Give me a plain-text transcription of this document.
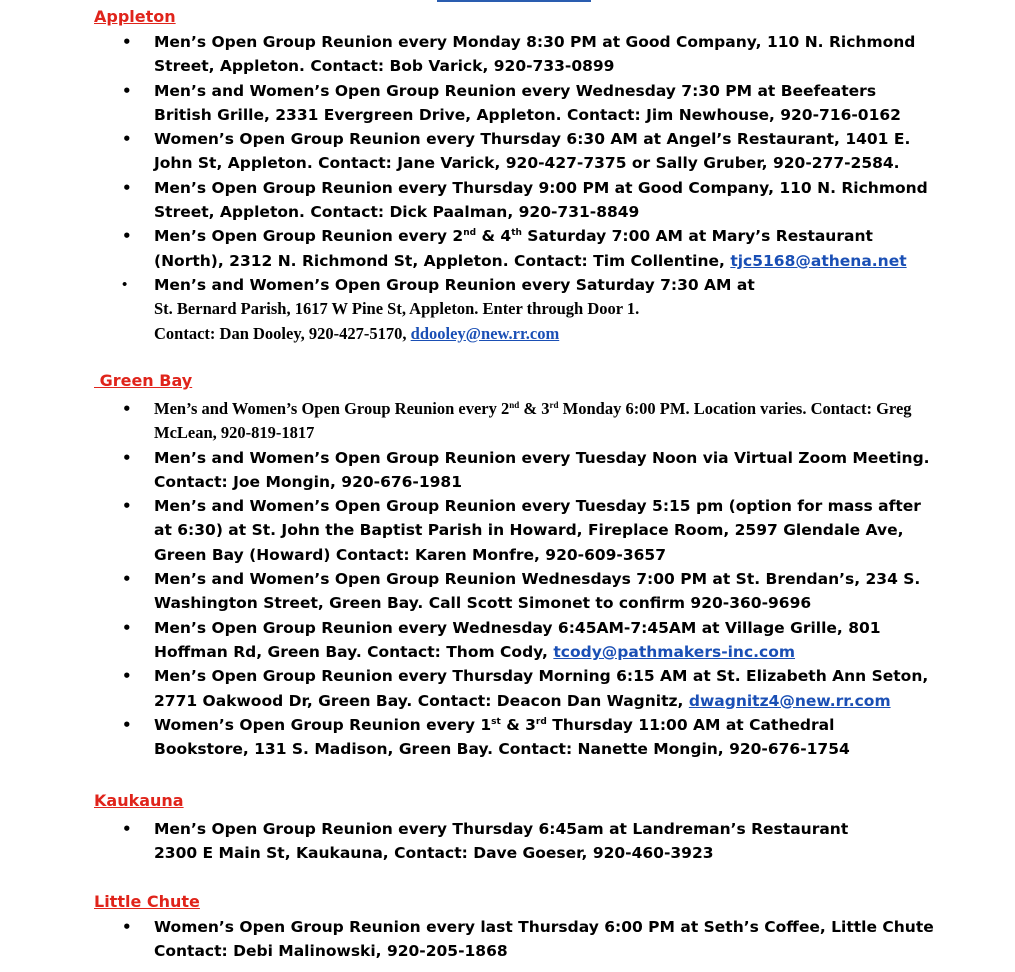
Appleton
• Men’s Open Group Reunion every Monday 8:30 PM at Good Company, 110 N. Richmond Street, Appleton. Contact: Bob Varick, 920-733-0899
• Men’s and Women’s Open Group Reunion every Wednesday 7:30 PM at Beefeaters British Grille, 2331 Evergreen Drive, Appleton. Contact: Jim Newhouse, 920-716-0162
• Women’s Open Group Reunion every Thursday 6:30 AM at Angel’s Restaurant, 1401 E. John St, Appleton. Contact: Jane Varick, 920-427-7375 or Sally Gruber, 920-277-2584.
• Men’s Open Group Reunion every Thursday 9:00 PM at Good Company, 110 N. Richmond Street, Appleton. Contact: Dick Paalman, 920-731-8849
• Men’s Open Group Reunion every 2nd & 4th Saturday 7:00 AM at Mary’s Restaurant (North), 2312 N. Richmond St, Appleton. Contact: Tim Collentine, tjc5168@athena.net
• Men’s and Women’s Open Group Reunion every Saturday 7:30 AM at
St. Bernard Parish, 1617 W Pine St, Appleton. Enter through Door 1.
Contact: Dan Dooley, 920-427-5170, ddooley@new.rr.com
Green Bay
• Men’s and Women’s Open Group Reunion every 2nd & 3rd Monday 6:00 PM. Location varies. Contact: Greg McLean, 920-819-1817
• Men’s and Women’s Open Group Reunion every Tuesday Noon via Virtual Zoom Meeting. Contact: Joe Mongin, 920-676-1981
• Men’s and Women’s Open Group Reunion every Tuesday 5:15 pm (option for mass after at 6:30) at St. John the Baptist Parish in Howard, Fireplace Room, 2597 Glendale Ave, Green Bay (Howard) Contact: Karen Monfre, 920-609-3657
• Men’s and Women’s Open Group Reunion Wednesdays 7:00 PM at St. Brendan’s, 234 S. Washington Street, Green Bay. Call Scott Simonet to confirm 920-360-9696
• Men’s Open Group Reunion every Wednesday 6:45AM-7:45AM at Village Grille, 801 Hoffman Rd, Green Bay. Contact: Thom Cody, tcody@pathmakers-inc.com
• Men’s Open Group Reunion every Thursday Morning 6:15 AM at St. Elizabeth Ann Seton, 2771 Oakwood Dr, Green Bay. Contact: Deacon Dan Wagnitz, dwagnitz4@new.rr.com
• Women’s Open Group Reunion every 1st & 3rd Thursday 11:00 AM at Cathedral Bookstore, 131 S. Madison, Green Bay. Contact: Nanette Mongin, 920-676-1754
Kaukauna
• Men’s Open Group Reunion every Thursday 6:45am at Landreman’s Restaurant
2300 E Main St, Kaukauna, Contact: Dave Goeser, 920-460-3923
Little Chute
• Women’s Open Group Reunion every last Thursday 6:00 PM at Seth’s Coffee, Little Chute
Contact: Debi Malinowski, 920-205-1868
